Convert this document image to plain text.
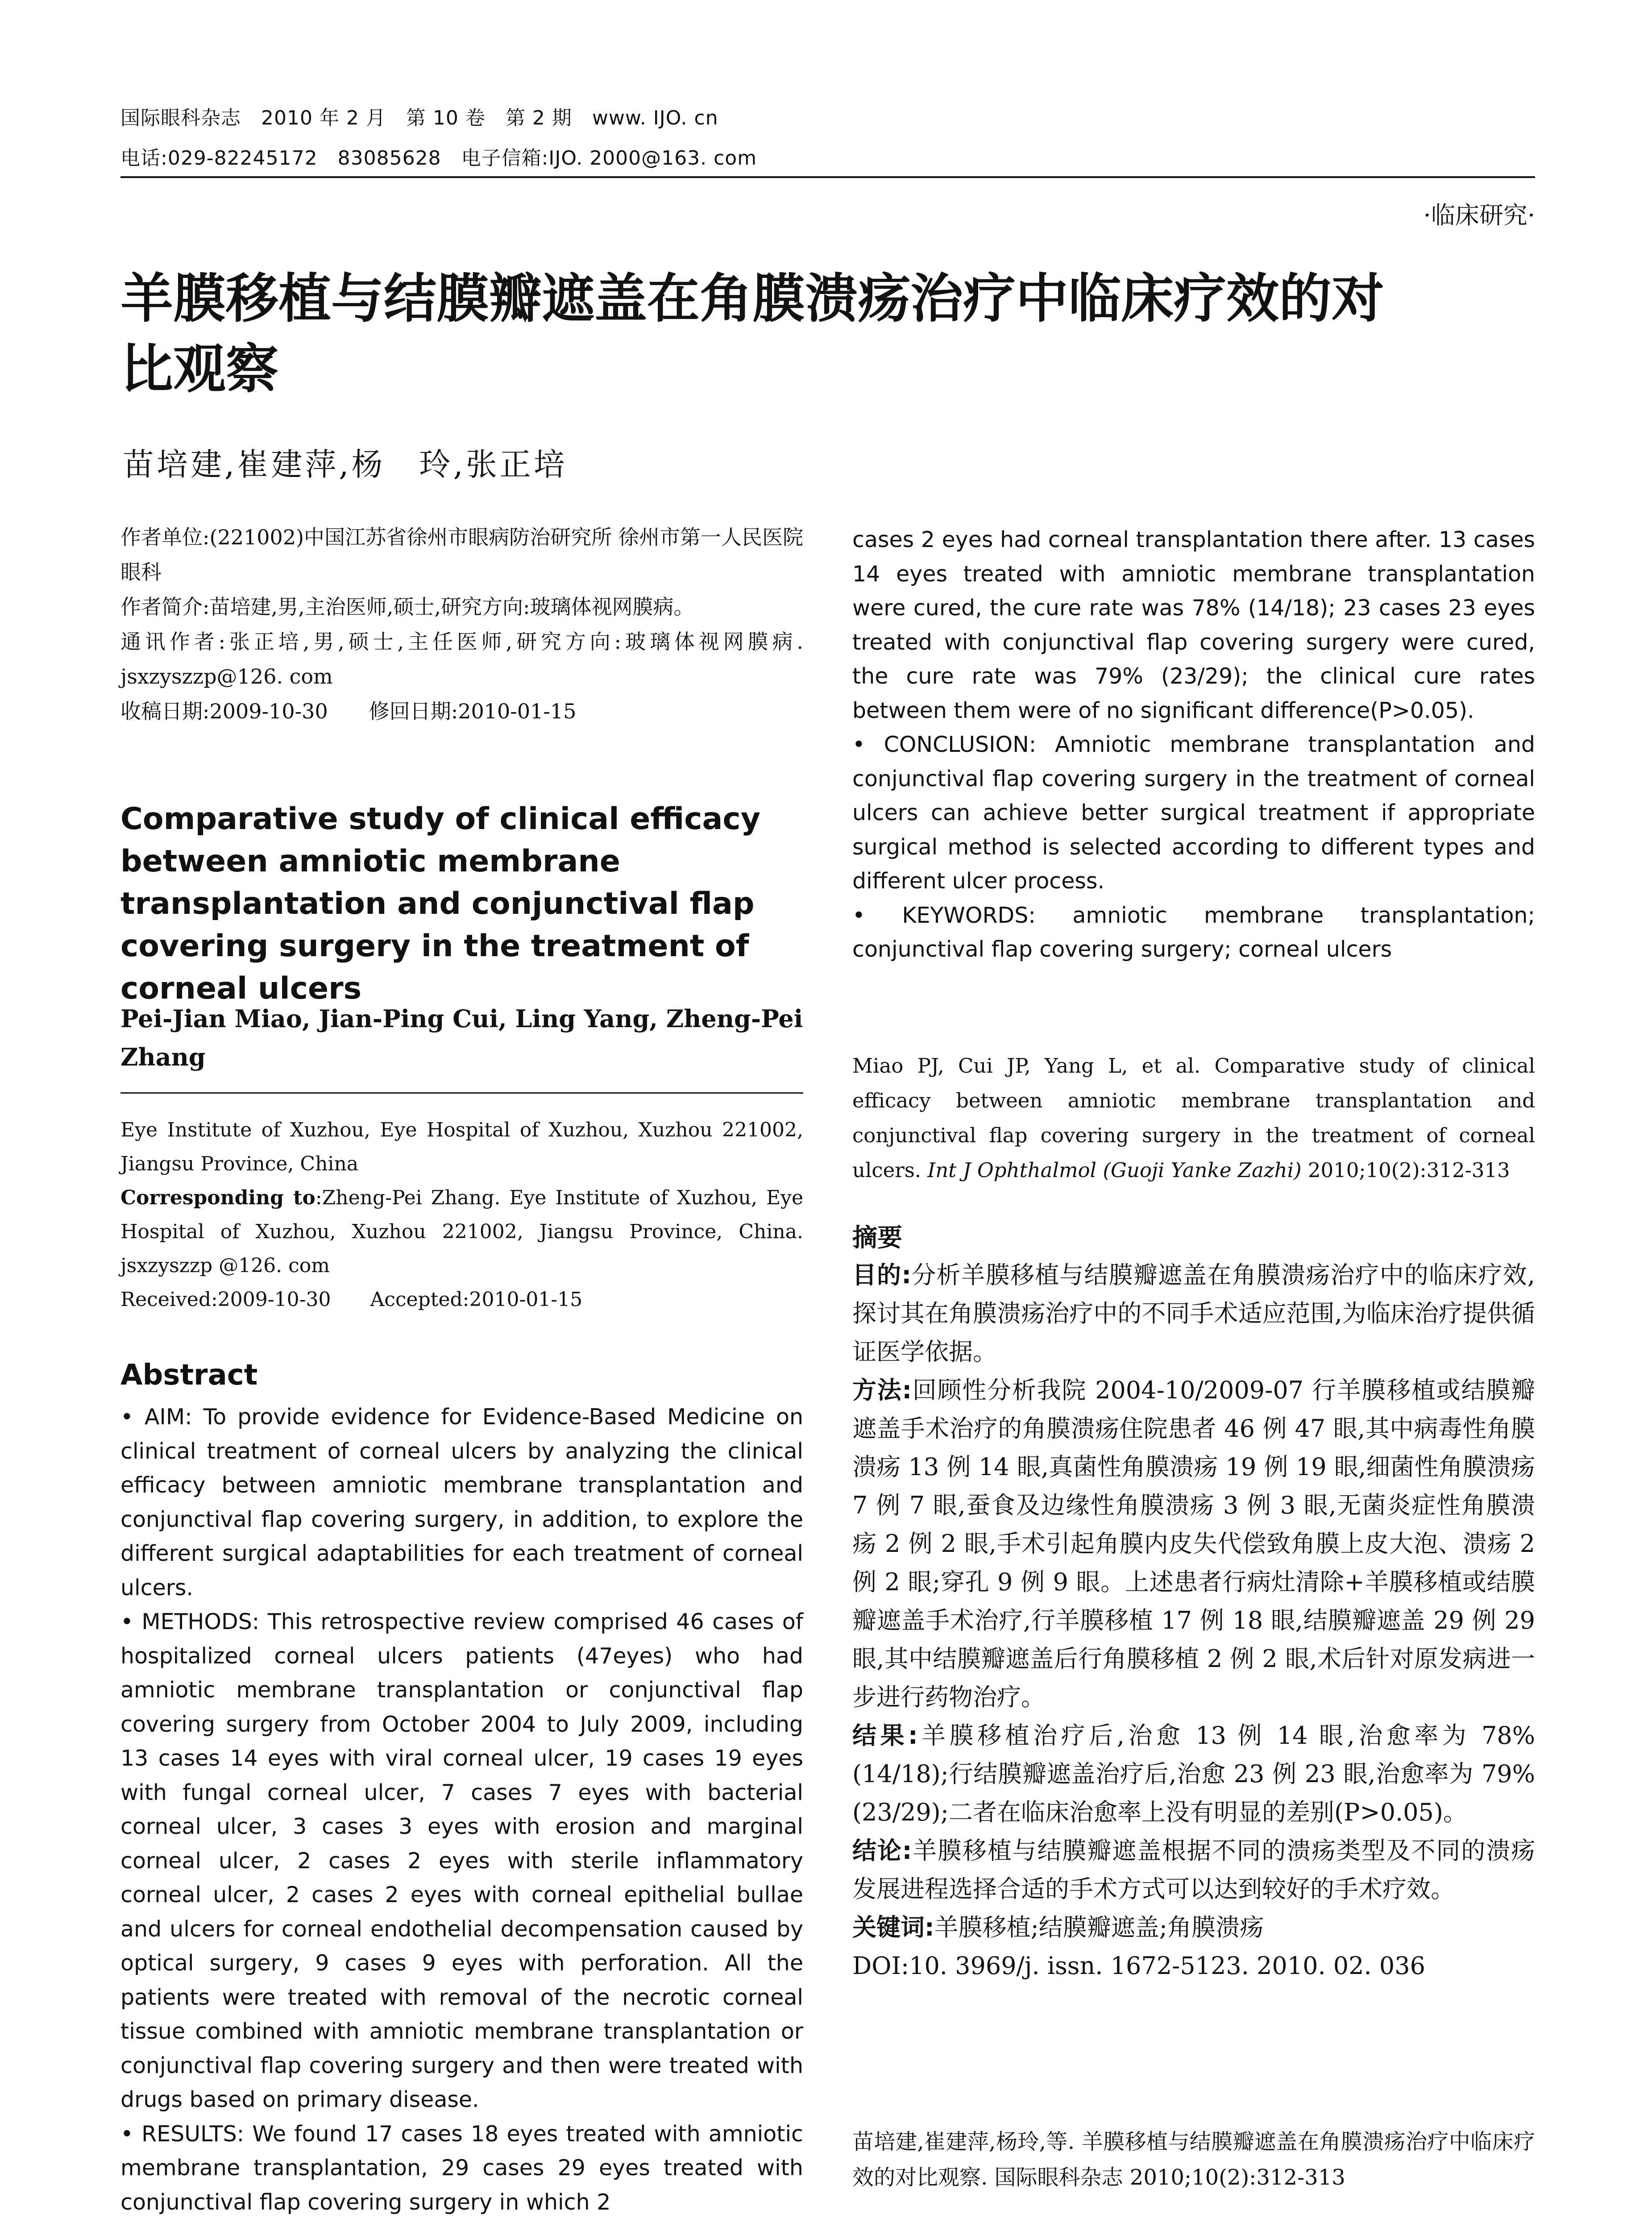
国际眼科杂志　2010 年 2 月　第 10 卷　第 2 期　www. IJO. cn
电话:029-82245172　83085628　电子信箱:IJO. 2000@163. com
·临床研究·
羊膜移植与结膜瓣遮盖在角膜溃疡治疗中临床疗效的对
比观察
苗培建,崔建萍,杨　玲,张正培

作者单位:(221002)中国江苏省徐州市眼病防治研究所 徐州市第一人民医院眼科

作者简介:苗培建,男,主治医师,硕士,研究方向:玻璃体视网膜病。

通讯作者:张正培,男,硕士,主任医师,研究方向:玻璃体视网膜病. jsxzyszzp@126. com

收稿日期:2009-10-30　　修回日期:2010-01-15

Comparative study of clinical efficacy between amniotic membrane transplantation and conjunctival flap covering surgery in the treatment of corneal ulcers
Pei-Jian Miao, Jian-Ping Cui, Ling Yang, Zheng-Pei Zhang

Eye Institute of Xuzhou, Eye Hospital of Xuzhou, Xuzhou 221002, Jiangsu Province, China

Corresponding to:Zheng-Pei Zhang. Eye Institute of Xuzhou, Eye Hospital of Xuzhou, Xuzhou 221002, Jiangsu Province, China. jsxzyszzp @126. com

Received:2009-10-30　　Accepted:2010-01-15

Abstract

• AIM: To provide evidence for Evidence-Based Medicine on clinical treatment of corneal ulcers by analyzing the clinical efficacy between amniotic membrane transplantation and conjunctival flap covering surgery, in addition, to explore the different surgical adaptabilities for each treatment of corneal ulcers.

• METHODS: This retrospective review comprised 46 cases of hospitalized corneal ulcers patients (47eyes) who had amniotic membrane transplantation or conjunctival flap covering surgery from October 2004 to July 2009, including 13 cases 14 eyes with viral corneal ulcer, 19 cases 19 eyes with fungal corneal ulcer, 7 cases 7 eyes with bacterial corneal ulcer, 3 cases 3 eyes with erosion and marginal corneal ulcer, 2 cases 2 eyes with sterile inflammatory corneal ulcer, 2 cases 2 eyes with corneal epithelial bullae and ulcers for corneal endothelial decompensation caused by optical surgery, 9 cases 9 eyes with perforation. All the patients were treated with removal of the necrotic corneal tissue combined with amniotic membrane transplantation or conjunctival flap covering surgery and then were treated with drugs based on primary disease.

• RESULTS: We found 17 cases 18 eyes treated with amniotic membrane transplantation, 29 cases 29 eyes treated with conjunctival flap covering surgery in which 2

cases 2 eyes had corneal transplantation there after. 13 cases 14 eyes treated with amniotic membrane transplantation were cured, the cure rate was 78% (14/18); 23 cases 23 eyes treated with conjunctival flap covering surgery were cured, the cure rate was 79% (23/29); the clinical cure rates between them were of no significant difference(P>0.05).

• CONCLUSION: Amniotic membrane transplantation and conjunctival flap covering surgery in the treatment of corneal ulcers can achieve better surgical treatment if appropriate surgical method is selected according to different types and different ulcer process.

• KEYWORDS: amniotic membrane transplantation; conjunctival flap covering surgery; corneal ulcers

Miao PJ, Cui JP, Yang L, et al. Comparative study of clinical efficacy between amniotic membrane transplantation and conjunctival flap covering surgery in the treatment of corneal ulcers. Int J Ophthalmol (Guoji Yanke Zazhi) 2010;10(2):312-313
摘要

目的:分析羊膜移植与结膜瓣遮盖在角膜溃疡治疗中的临床疗效,探讨其在角膜溃疡治疗中的不同手术适应范围,为临床治疗提供循证医学依据。

方法:回顾性分析我院 2004-10/2009-07 行羊膜移植或结膜瓣遮盖手术治疗的角膜溃疡住院患者 46 例 47 眼,其中病毒性角膜溃疡 13 例 14 眼,真菌性角膜溃疡 19 例 19 眼,细菌性角膜溃疡 7 例 7 眼,蚕食及边缘性角膜溃疡 3 例 3 眼,无菌炎症性角膜溃疡 2 例 2 眼,手术引起角膜内皮失代偿致角膜上皮大泡、溃疡 2 例 2 眼;穿孔 9 例 9 眼。上述患者行病灶清除+羊膜移植或结膜瓣遮盖手术治疗,行羊膜移植 17 例 18 眼,结膜瓣遮盖 29 例 29 眼,其中结膜瓣遮盖后行角膜移植 2 例 2 眼,术后针对原发病进一步进行药物治疗。

结果:羊膜移植治疗后,治愈 13 例 14 眼,治愈率为 78% (14/18);行结膜瓣遮盖治疗后,治愈 23 例 23 眼,治愈率为 79% (23/29);二者在临床治愈率上没有明显的差别(P>0.05)。

结论:羊膜移植与结膜瓣遮盖根据不同的溃疡类型及不同的溃疡发展进程选择合适的手术方式可以达到较好的手术疗效。

关键词:羊膜移植;结膜瓣遮盖;角膜溃疡

DOI:10. 3969/j. issn. 1672-5123. 2010. 02. 036

苗培建,崔建萍,杨玲,等. 羊膜移植与结膜瓣遮盖在角膜溃疡治疗中临床疗效的对比观察. 国际眼科杂志 2010;10(2):312-313
